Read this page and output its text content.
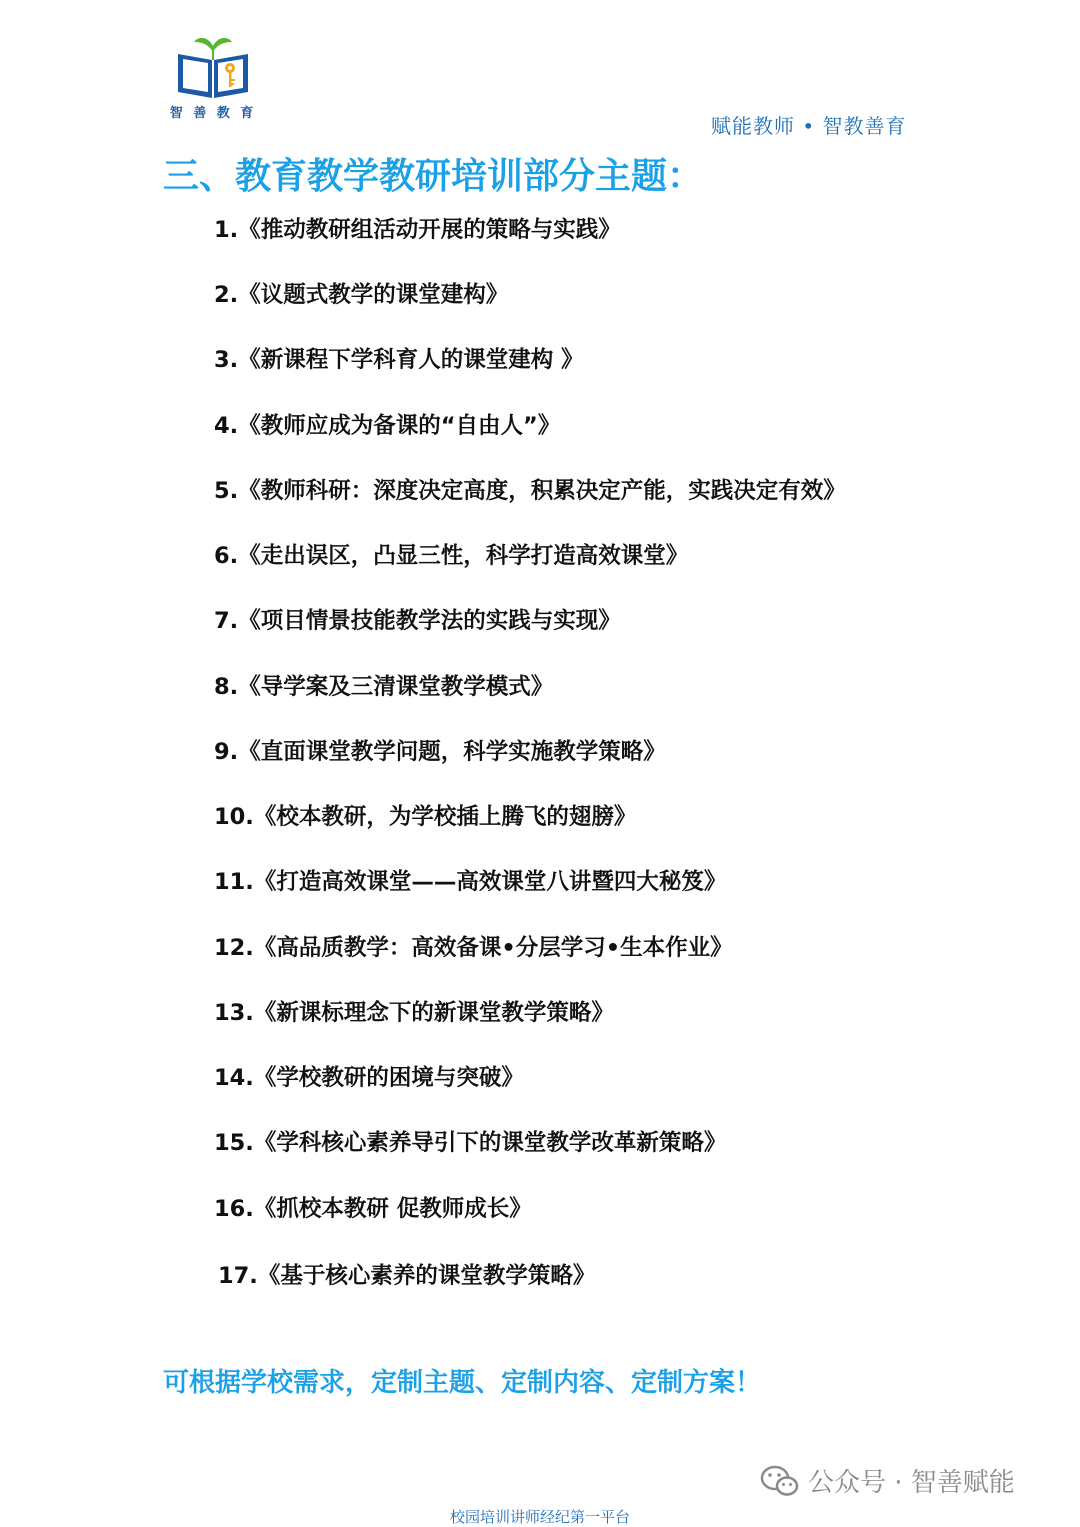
智 善 教 育
赋能教师 • 智教善育
三、教育教学教研培训部分主题：
1.《推动教研组活动开展的策略与实践》
2.《议题式教学的课堂建构》
3.《新课程下学科育人的课堂建构 》
4.《教师应成为备课的“自由人”》
5.《教师科研：深度决定高度，积累决定产能，实践决定有效》
6.《走出误区，凸显三性，科学打造高效课堂》
7.《项目情景技能教学法的实践与实现》
8.《导学案及三清课堂教学模式》
9.《直面课堂教学问题，科学实施教学策略》
10.《校本教研，为学校插上腾飞的翅膀》
11.《打造高效课堂——高效课堂八讲暨四大秘笈》
12.《高品质教学：高效备课•分层学习•生本作业》
13.《新课标理念下的新课堂教学策略》
14.《学校教研的困境与突破》
15.《学科核心素养导引下的课堂教学改革新策略》
16.《抓校本教研 促教师成长》
17.《基于核心素养的课堂教学策略》
可根据学校需求，定制主题、定制内容、定制方案！
公众号 · 智善赋能
校园培训讲师经纪第一平台
